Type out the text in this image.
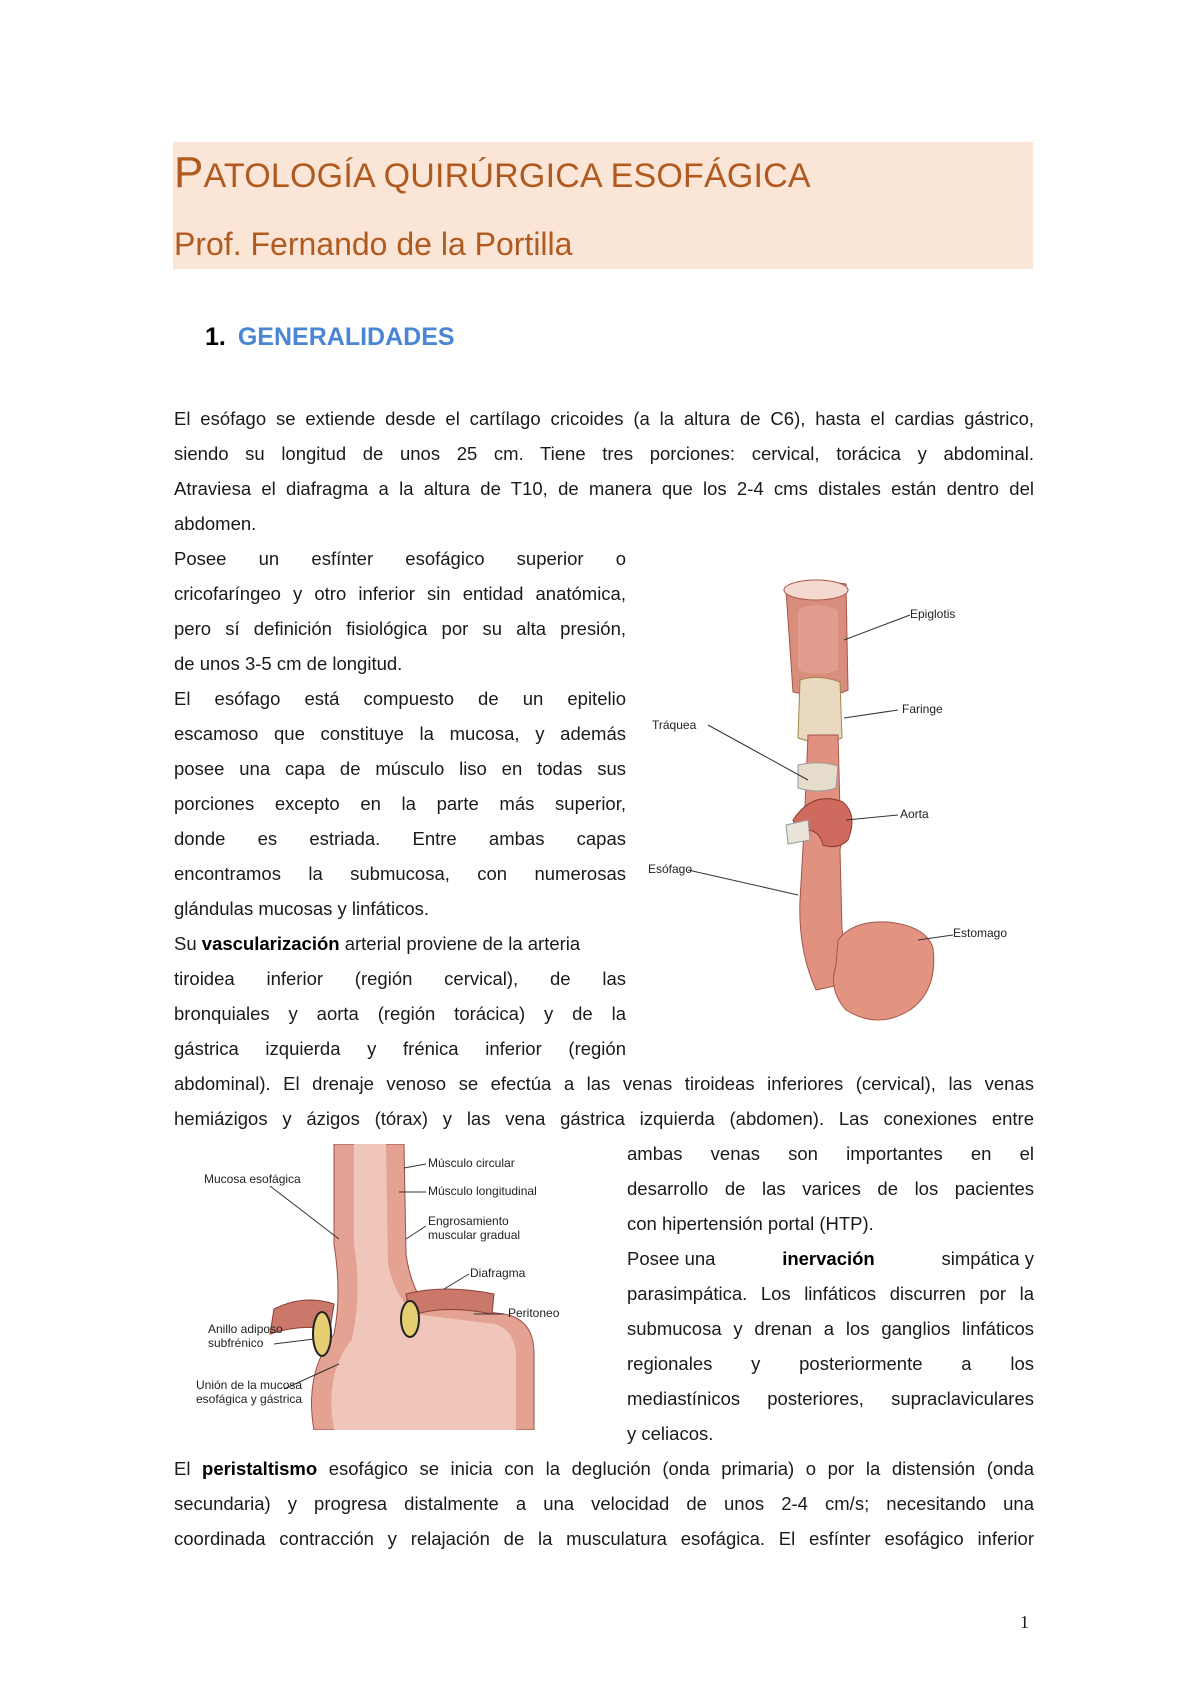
PATOLOGÍA QUIRÚRGICA ESOFÁGICA
Prof. Fernando de la Portilla
1. GENERALIDADES
El esófago se extiende desde el cartílago cricoides (a la altura de C6), hasta el cardias gástrico,
siendo su longitud de unos 25 cm. Tiene tres porciones: cervical, torácica y abdominal.
Atraviesa el diafragma a la altura de T10, de manera que los 2-4 cms distales están dentro del
abdomen.
Posee un esfínter esofágico superior o
cricofaríngeo y otro inferior sin entidad anatómica,
pero sí definición fisiológica por su alta presión,
de unos 3-5 cm de longitud.
El esófago está compuesto de un epitelio
escamoso que constituye la mucosa, y además
posee una capa de músculo liso en todas sus
porciones excepto en la parte más superior,
donde es estriada. Entre ambas capas
encontramos la submucosa, con numerosas
glándulas mucosas y linfáticos.
Su vascularización arterial proviene de la arteria
tiroidea inferior (región cervical), de las
bronquiales y aorta (región torácica) y de la
gástrica izquierda y frénica inferior (región
abdominal). El drenaje venoso se efectúa a las venas tiroideas inferiores (cervical), las venas
hemiázigos y ázigos (tórax) y las vena gástrica izquierda (abdomen). Las conexiones entre
ambas venas son importantes en el
desarrollo de las varices de los pacientes
con hipertensión portal (HTP).
Posee una	inervación	simpática y
parasimpática. Los linfáticos discurren por la
submucosa y drenan a los ganglios linfáticos
regionales y posteriormente a los
mediastínicos posteriores, supraclaviculares
y celiacos.
El peristaltismo esofágico se inicia con la deglución (onda primaria) o por la distensión (onda
secundaria) y progresa distalmente a una velocidad de unos 2-4 cm/s; necesitando una
coordinada contracción y relajación de la musculatura esofágica. El esfínter esofágico inferior
Epiglotis
Faringe
Tráquea
Aorta
Esófago
Estomago
Mucosa esofágica
Músculo circular
Músculo longitudinal
Engrosamiento
muscular gradual
Diafragma
Peritoneo
Anillo adiposo
subfrénico
Unión de la mucosa
esofágica y gástrica
1
